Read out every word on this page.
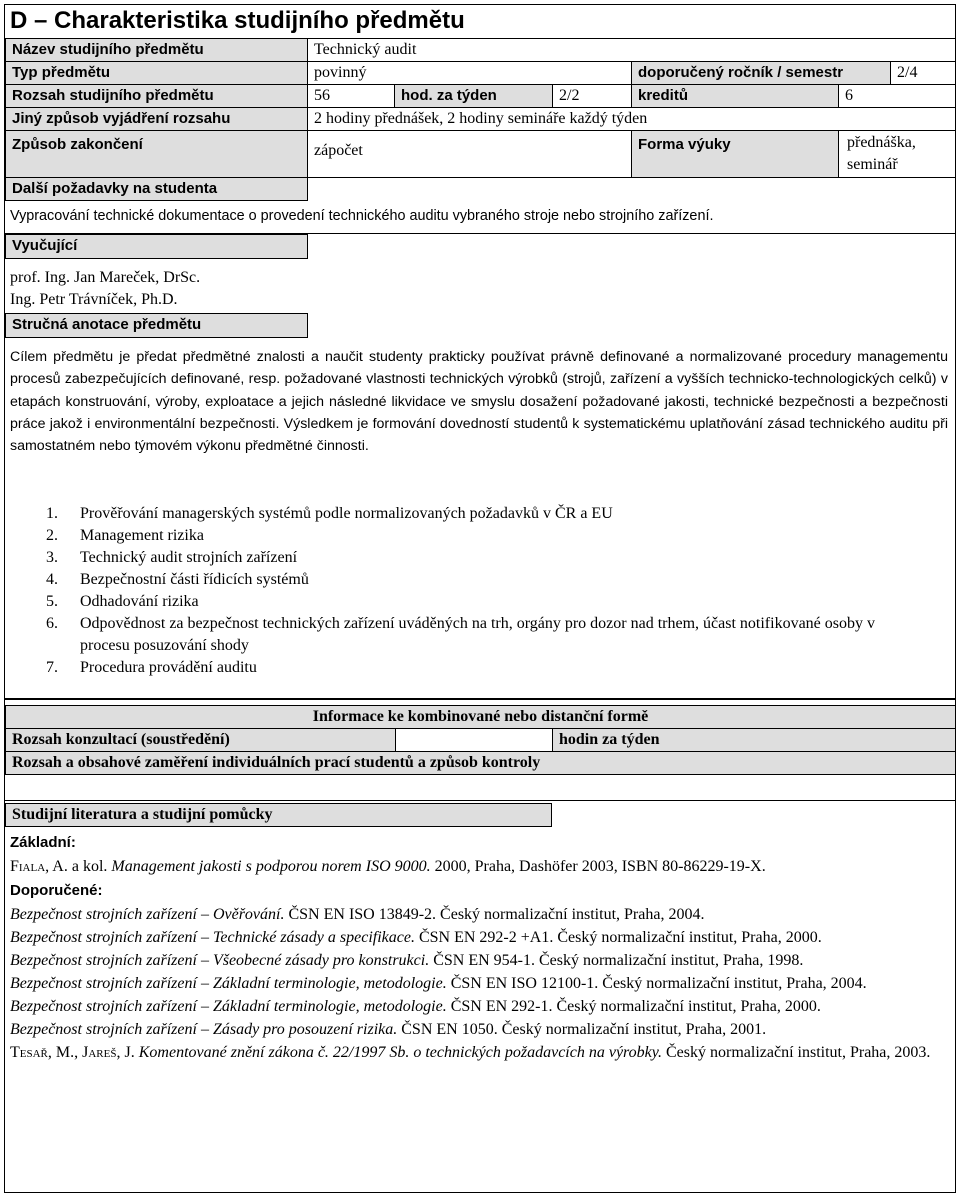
D – Charakteristika studijního předmětu
Název studijního předmětu	Technický audit
Typ předmětu	povinný	doporučený ročník / semestr	2/4
Rozsah studijního předmětu	56	hod. za týden	2/2	kreditů	6
Jiný způsob vyjádření rozsahu	2 hodiny přednášek, 2 hodiny semináře každý týden
Způsob zakončení	zápočet	Forma výuky	přednáška, seminář
Další požadavky na studenta
Vypracování technické dokumentace o provedení technického auditu vybraného stroje nebo strojního zařízení.
Vyučující
prof. Ing. Jan Mareček, DrSc.
Ing. Petr Trávníček, Ph.D.
Stručná anotace předmětu
Cílem předmětu je předat předmětné znalosti a naučit studenty prakticky používat právně definované a normalizované procedury managementu procesů zabezpečujících definované, resp. požadované vlastnosti technických výrobků (strojů, zařízení a vyšších technicko-technologických celků) v etapách konstruování, výroby, exploatace a jejich následné likvidace ve smyslu dosažení požadované jakosti, technické bezpečnosti a bezpečnosti práce jakož i environmentální bezpečnosti. Výsledkem je formování dovedností studentů k systematickému uplatňování zásad technického auditu při samostatném nebo týmovém výkonu předmětné činnosti.
1. Prověřování managerských systémů podle normalizovaných požadavků v ČR a EU
2. Management rizika
3. Technický audit strojních zařízení
4. Bezpečnostní části řídicích systémů
5. Odhadování rizika
6. Odpovědnost za bezpečnost technických zařízení uváděných na trh, orgány pro dozor nad trhem, účast notifikované osoby v procesu posuzování shody
7. Procedura provádění auditu
Informace ke kombinované nebo distanční formě
Rozsah konzultací (soustředění)	hodin za týden
Rozsah a obsahové zaměření individuálních prací studentů a způsob kontroly
Studijní literatura a studijní pomůcky
Základní:
Fiala, A. a kol. Management jakosti s podporou norem ISO 9000. 2000, Praha, Dashöfer 2003, ISBN 80-86229-19-X.
Doporučené:

Bezpečnost strojních zařízení – Ověřování. ČSN EN ISO 13849-2. Český normalizační institut, Praha, 2004.

Bezpečnost strojních zařízení – Technické zásady a specifikace. ČSN EN 292-2 +A1. Český normalizační institut, Praha, 2000.

Bezpečnost strojních zařízení – Všeobecné zásady pro konstrukci. ČSN EN 954-1. Český normalizační institut, Praha, 1998.

Bezpečnost strojních zařízení – Základní terminologie, metodologie. ČSN EN ISO 12100-1. Český normalizační institut, Praha, 2004.

Bezpečnost strojních zařízení – Základní terminologie, metodologie. ČSN EN 292-1. Český normalizační institut, Praha, 2000.

Bezpečnost strojních zařízení – Zásady pro posouzení rizika. ČSN EN 1050. Český normalizační institut, Praha, 2001.

Tesař, M., Jareš, J. Komentované znění zákona č. 22/1997 Sb. o technických požadavcích na výrobky. Český normalizační institut, Praha, 2003.
